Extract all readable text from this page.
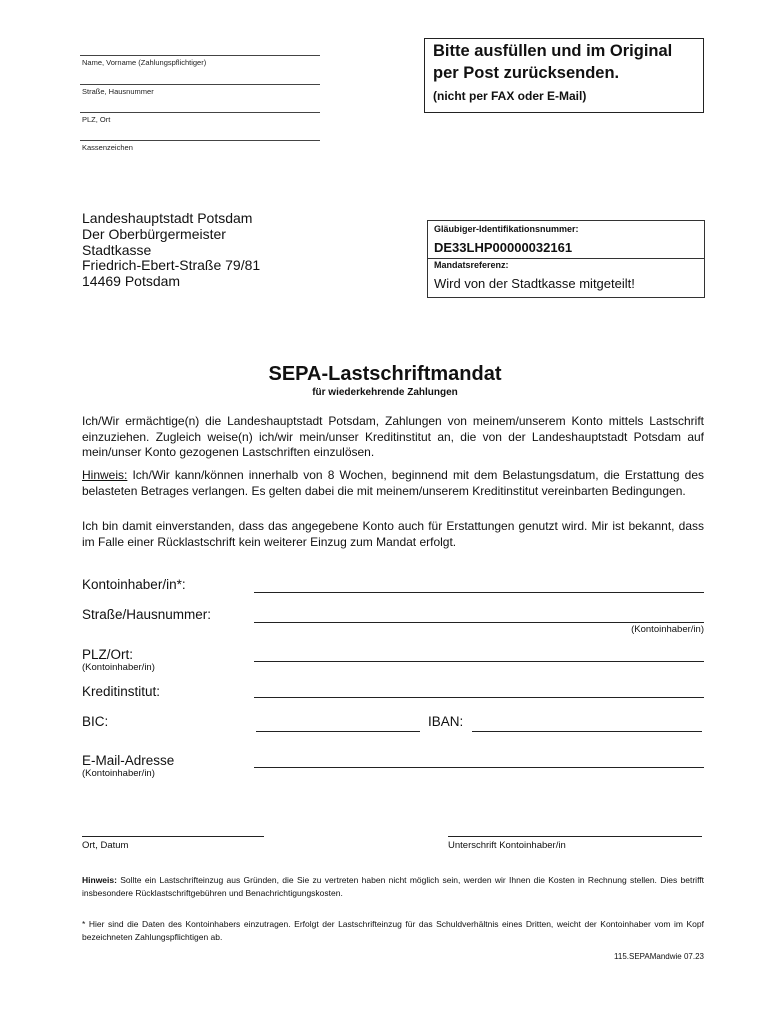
Name, Vorname (Zahlungspflichtiger)
Straße, Hausnummer
PLZ, Ort
Kassenzeichen
Bitte ausfüllen und im Original
per Post zurücksenden.
(nicht per FAX oder E-Mail)
Landeshauptstadt Potsdam
Der Oberbürgermeister
Stadtkasse
Friedrich-Ebert-Straße 79/81
14469 Potsdam
Gläubiger-Identifikationsnummer:
DE33LHP00000032161
Mandatsreferenz:
Wird von der Stadtkasse mitgeteilt!
SEPA-Lastschriftmandat
für wiederkehrende Zahlungen
Ich/Wir ermächtige(n) die Landeshauptstadt Potsdam, Zahlungen von meinem/unserem Konto mittels Lastschrift einzuziehen. Zugleich weise(n) ich/wir mein/unser Kreditinstitut an, die von der Landeshauptstadt Potsdam auf mein/unser Konto gezogenen Lastschriften einzulösen.
Hinweis: Ich/Wir kann/können innerhalb von 8 Wochen, beginnend mit dem Belastungsdatum, die Erstattung des belasteten Betrages verlangen. Es gelten dabei die mit meinem/unserem Kreditinstitut vereinbarten Bedingungen.
Ich bin damit einverstanden, dass das angegebene Konto auch für Erstattungen genutzt wird. Mir ist bekannt, dass im Falle einer Rücklastschrift kein weiterer Einzug zum Mandat erfolgt.
Kontoinhaber/in*:
Straße/Hausnummer:
(Kontoinhaber/in)
PLZ/Ort:
(Kontoinhaber/in)
Kreditinstitut:
BIC:	IBAN:
E-Mail-Adresse
(Kontoinhaber/in)
Ort, Datum	Unterschrift Kontoinhaber/in
Hinweis: Sollte ein Lastschrifteinzug aus Gründen, die Sie zu vertreten haben nicht möglich sein, werden wir Ihnen die Kosten in Rechnung stellen. Dies betrifft insbesondere Rücklastschriftgebühren und Benachrichtigungskosten.
* Hier sind die Daten des Kontoinhabers einzutragen. Erfolgt der Lastschrifteinzug für das Schuldverhältnis eines Dritten, weicht der Kontoinhaber vom im Kopf bezeichneten Zahlungspflichtigen ab.
115.SEPAMandwie 07.23
